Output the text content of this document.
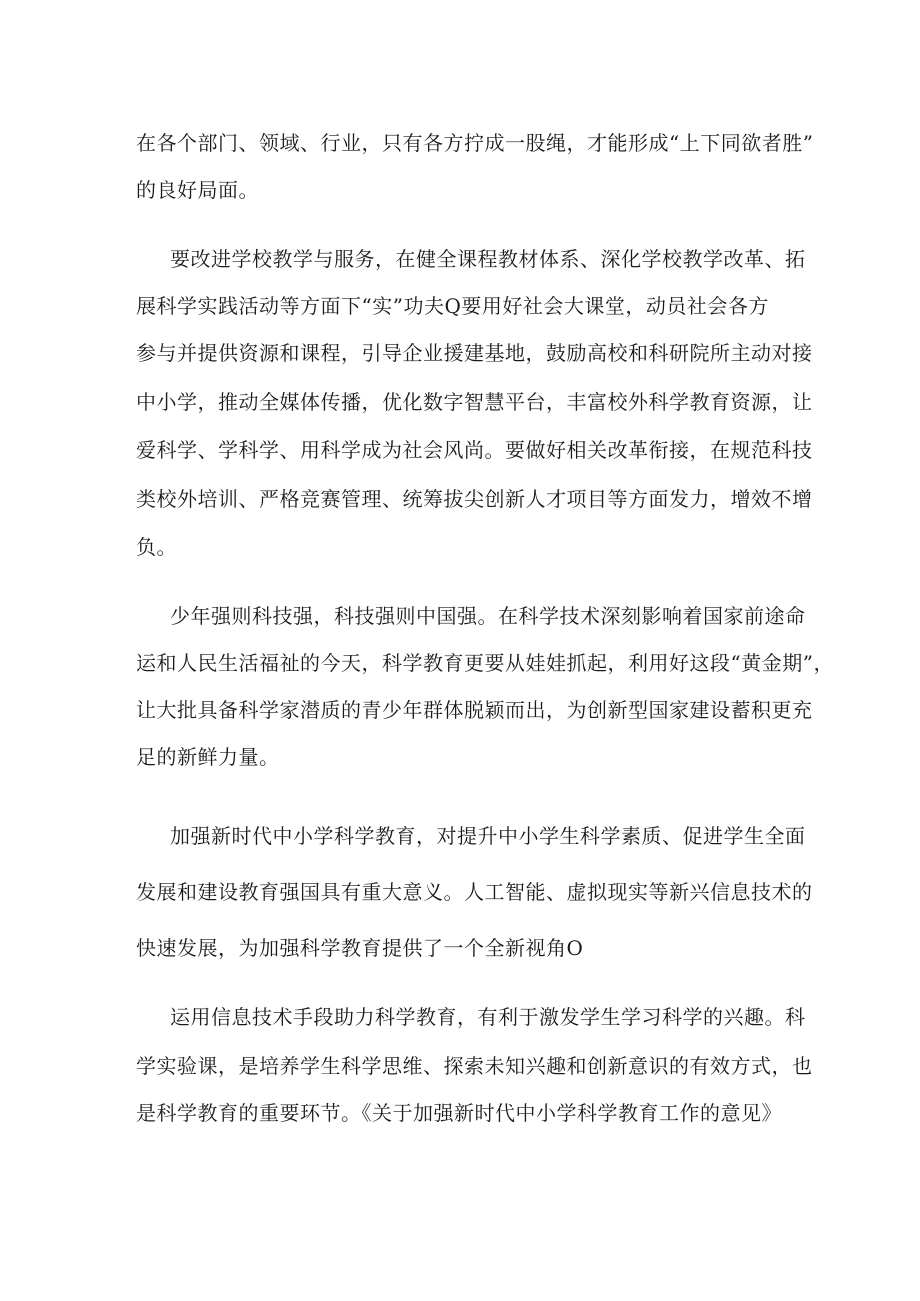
在各个部门、领域、行业，只有各方拧成一股绳，才能形成“上下同欲者胜”
的良好局面。
要改进学校教学与服务，在健全课程教材体系、深化学校教学改革、拓
展科学实践活动等方面下“实”功夫Q要用好社会大课堂，动员社会各方
参与并提供资源和课程，引导企业援建基地，鼓励高校和科研院所主动对接
中小学，推动全媒体传播，优化数字智慧平台，丰富校外科学教育资源，让
爱科学、学科学、用科学成为社会风尚。要做好相关改革衔接，在规范科技
类校外培训、严格竞赛管理、统筹拔尖创新人才项目等方面发力，增效不增
负。
少年强则科技强，科技强则中国强。在科学技术深刻影响着国家前途命
运和人民生活福祉的今天，科学教育更要从娃娃抓起，利用好这段“黄金期”，
让大批具备科学家潜质的青少年群体脱颖而出，为创新型国家建设蓄积更充
足的新鲜力量。
加强新时代中小学科学教育，对提升中小学生科学素质、促进学生全面
发展和建设教育强国具有重大意义。人工智能、虚拟现实等新兴信息技术的
快速发展，为加强科学教育提供了一个全新视角O
运用信息技术手段助力科学教育，有利于激发学生学习科学的兴趣。科
学实验课，是培养学生科学思维、探索未知兴趣和创新意识的有效方式，也
是科学教育的重要环节。《关于加强新时代中小学科学教育工作的意见》
